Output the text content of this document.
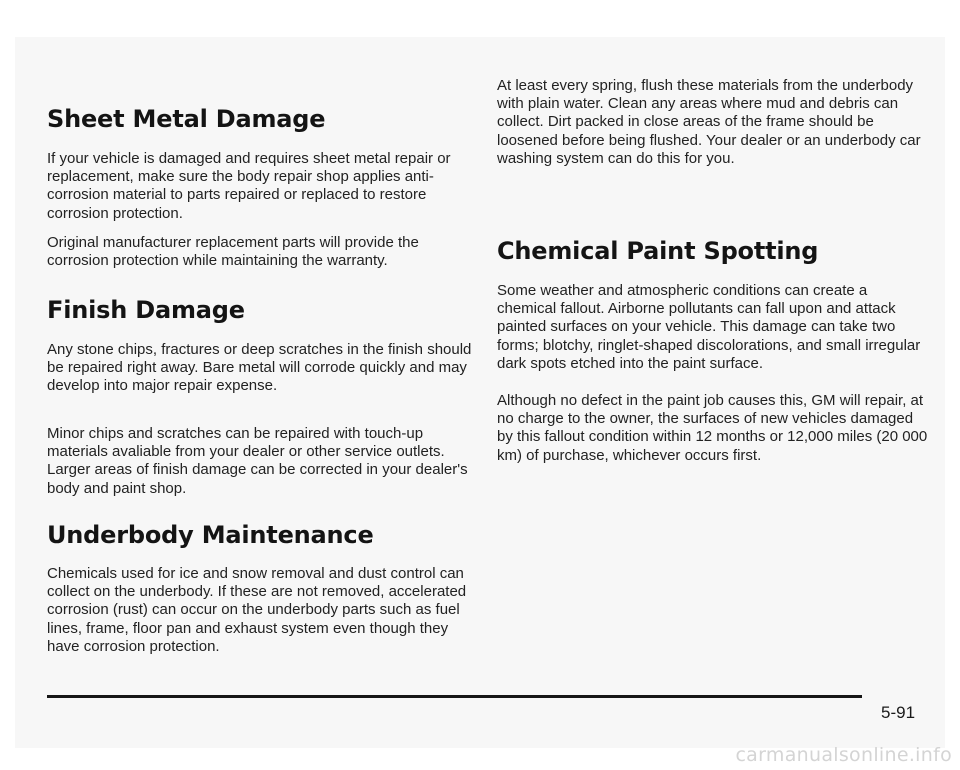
Sheet Metal Damage

If your vehicle is damaged and requires sheet metal repair or replacement, make sure the body repair shop applies anti-corrosion material to parts repaired or replaced to restore corrosion protection.

Original manufacturer replacement parts will provide the corrosion protection while maintaining the warranty.

Finish Damage

Any stone chips, fractures or deep scratches in the finish should be repaired right away. Bare metal will corrode quickly and may develop into major repair expense.

Minor chips and scratches can be repaired with touch-up materials avaliable from your dealer or other service outlets. Larger areas of finish damage can be corrected in your dealer's body and paint shop.

Underbody Maintenance

Chemicals used for ice and snow removal and dust control can collect on the underbody. If these are not removed, accelerated corrosion (rust) can occur on the underbody parts such as fuel lines, frame, floor pan and exhaust system even though they have corrosion protection.

At least every spring, flush these materials from the underbody with plain water. Clean any areas where mud and debris can collect. Dirt packed in close areas of the frame should be loosened before being flushed. Your dealer or an underbody car washing system can do this for you.

Chemical Paint Spotting

Some weather and atmospheric conditions can create a chemical fallout. Airborne pollutants can fall upon and attack painted surfaces on your vehicle. This damage can take two forms; blotchy, ringlet-shaped discolorations, and small irregular dark spots etched into the paint surface.

Although no defect in the paint job causes this, GM will repair, at no charge to the owner, the surfaces of new vehicles damaged by this fallout condition within 12 months or 12,000 miles (20 000 km) of purchase, whichever occurs first.

5-91
carmanualsonline.info
